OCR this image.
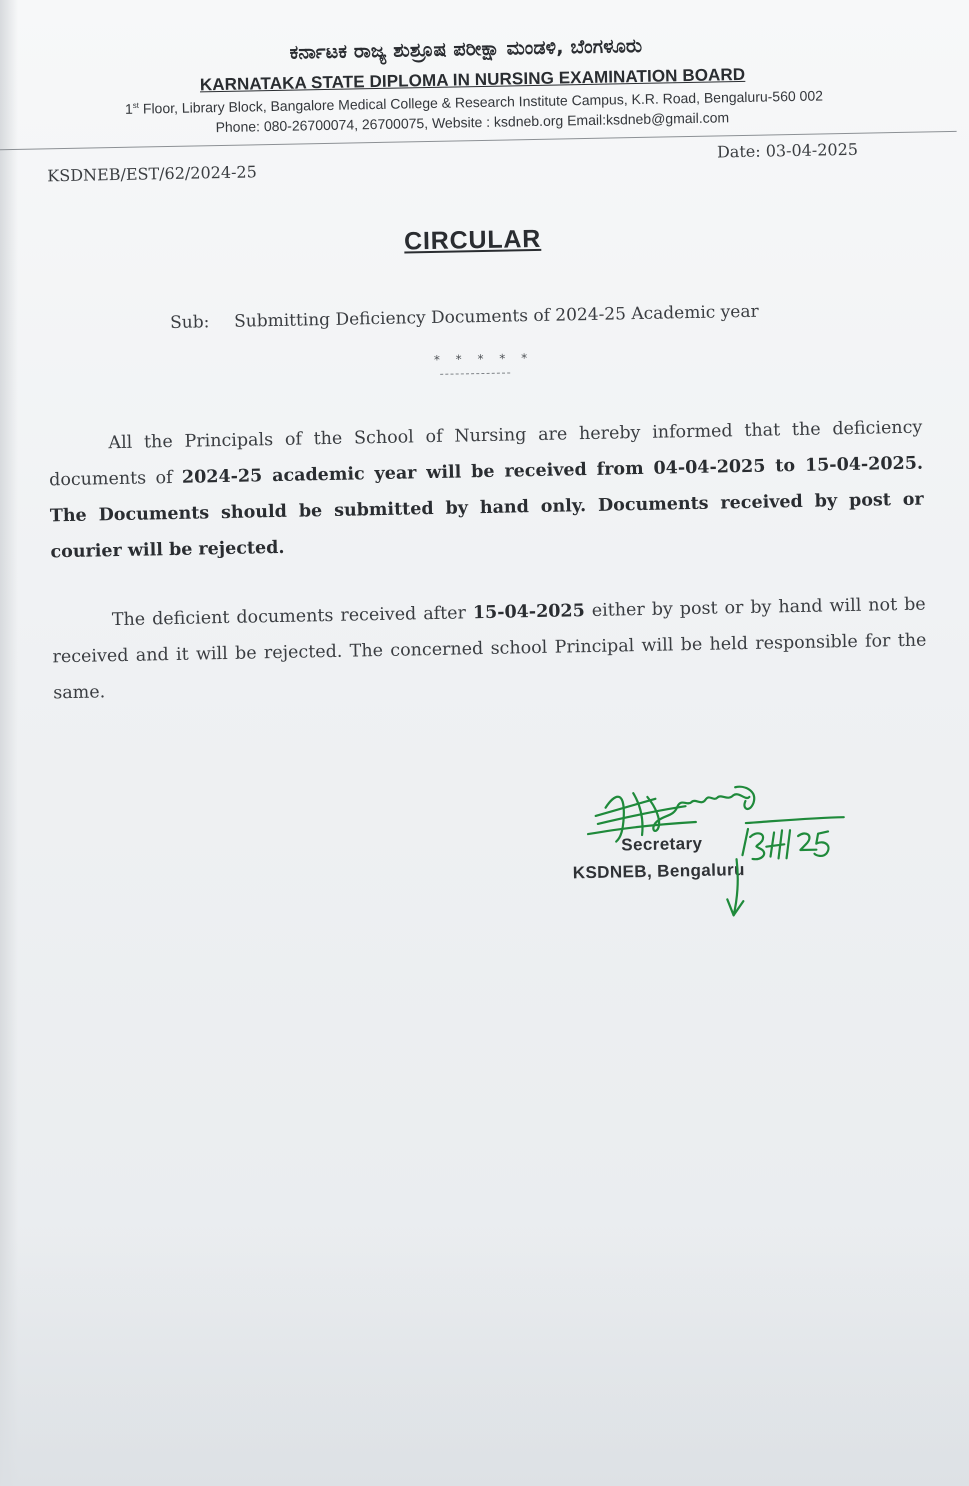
ಕರ್ನಾಟಕ ರಾಜ್ಯ ಶುಶ್ರೂಷ ಪರೀಕ್ಷಾ ಮಂಡಳಿ, ಬೆಂಗಳೂರು
KARNATAKA STATE DIPLOMA IN NURSING EXAMINATION BOARD
1st Floor, Library Block, Bangalore Medical College & Research Institute Campus, K.R. Road, Bengaluru-560 002
Phone: 080-26700074, 26700075, Website : ksdneb.org Email:ksdneb@gmail.com
KSDNEB/EST/62/2024-25
Date: 03-04-2025
CIRCULAR
Sub: Submitting Deficiency Documents of 2024-25 Academic year
* * * * *
All the Principals of the School of Nursing are hereby informed that the deficiency documents of 2024-25 academic year will be received from 04-04-2025 to 15-04-2025. The Documents should be submitted by hand only. Documents received by post or courier will be rejected.
The deficient documents received after 15-04-2025 either by post or by hand will not be received and it will be rejected. The concerned school Principal will be held responsible for the same.
Secretary
KSDNEB, Bengaluru
